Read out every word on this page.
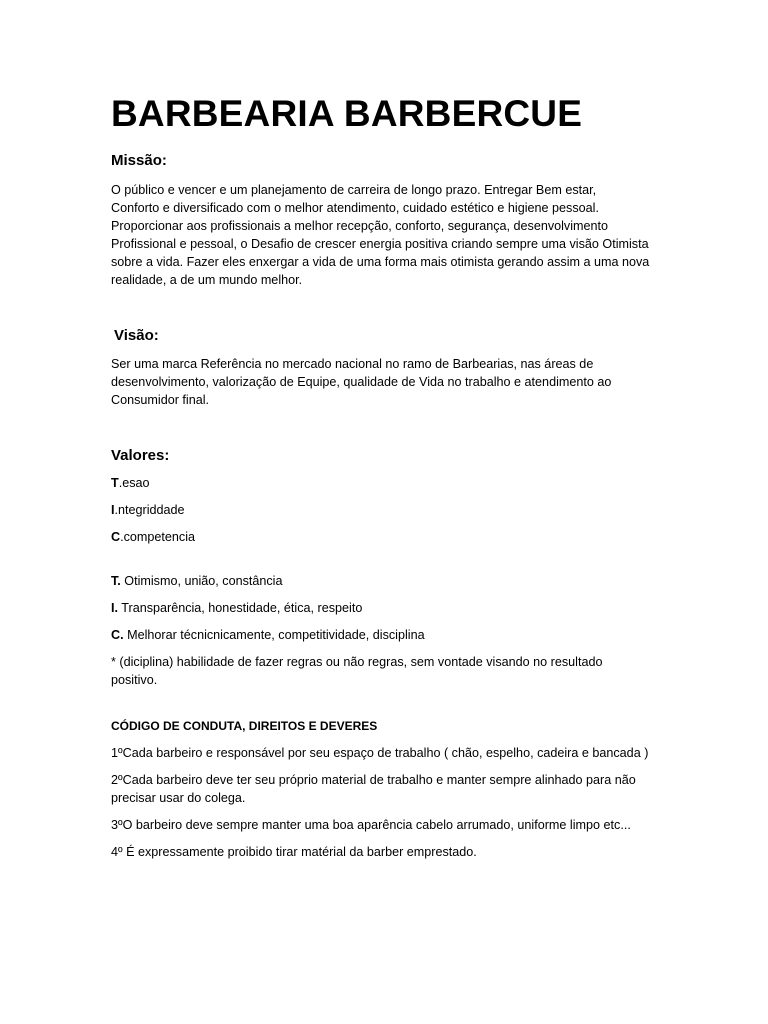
BARBEARIA BARBERCUE
Missão:

O público e vencer e um planejamento de carreira de longo prazo. Entregar Bem estar,

Conforto e diversificado com o melhor atendimento, cuidado estético e higiene pessoal.

Proporcionar aos profissionais a melhor recepção, conforto, segurança, desenvolvimento

Profissional e pessoal, o Desafio de crescer energia positiva criando sempre uma visão Otimista

sobre a vida. Fazer eles enxergar a vida de uma forma mais otimista gerando assim a uma nova

realidade, a de um mundo melhor.

Visão:

Ser uma marca Referência no mercado nacional no ramo de Barbearias, nas áreas de

desenvolvimento, valorização de Equipe, qualidade de Vida no trabalho e atendimento ao

Consumidor final.

Valores:

T.esao

I.ntegriddade

C.competencia

T. Otimismo, união, constância

I. Transparência, honestidade, ética, respeito

C. Melhorar técnicnicamente, competitividade, disciplina

* (diciplina) habilidade de fazer regras ou não regras, sem vontade visando no resultado

positivo.

CÓDIGO DE CONDUTA, DIREITOS E DEVERES

1ºCada barbeiro e responsável por seu espaço de trabalho ( chão, espelho, cadeira e bancada )

2ºCada barbeiro deve ter seu próprio material de trabalho e manter sempre alinhado para não

precisar usar do colega.

3ºO barbeiro deve sempre manter uma boa aparência cabelo arrumado, uniforme limpo etc...

4º É expressamente proibido tirar matérial da barber emprestado.
